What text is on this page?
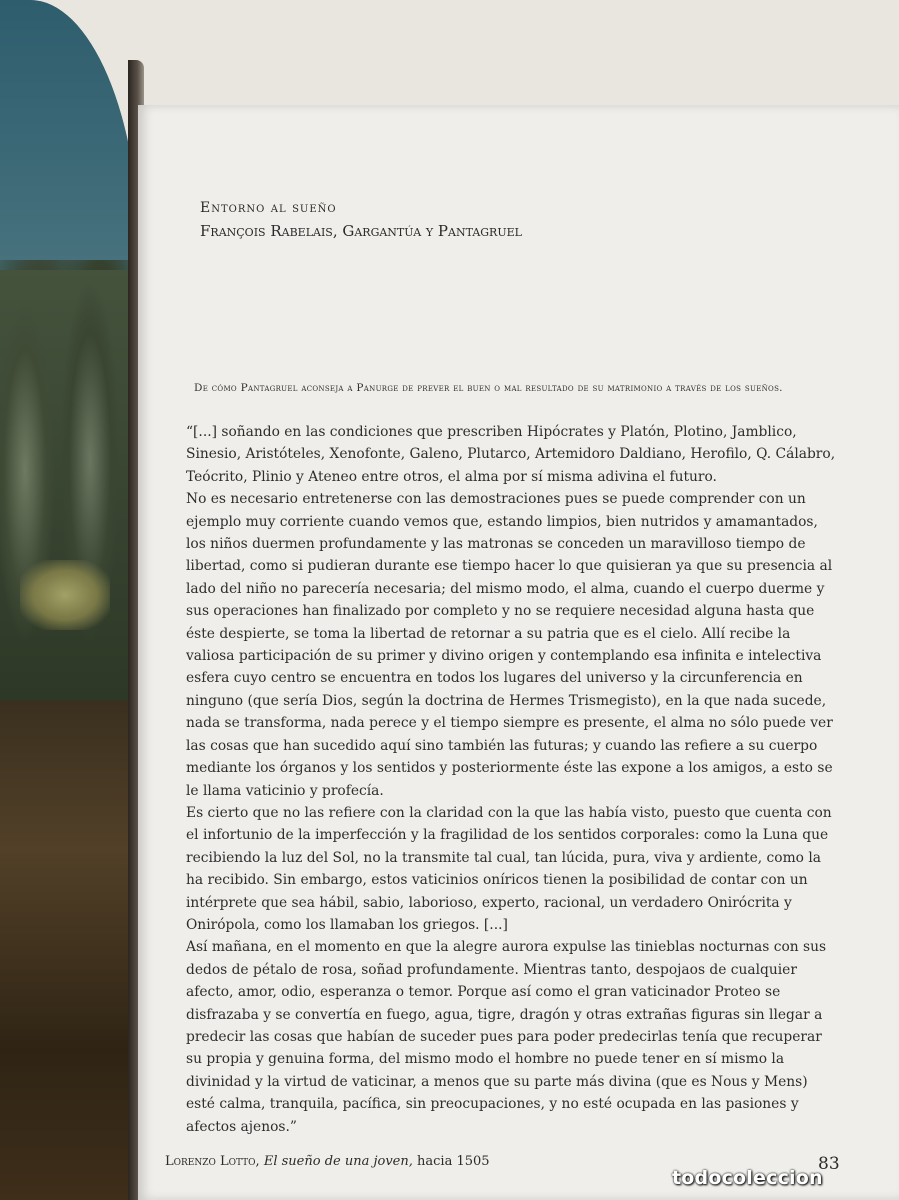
Entorno al sueño
François Rabelais, Gargantúa y Pantagruel
De cómo Pantagruel aconseja a Panurge de prever el buen o mal resultado de su matrimonio a través de los sueños.

“[...] soñando en las condiciones que prescriben Hipócrates y Platón, Plotino, Jamblico, Sinesio, Aristóteles, Xenofonte, Galeno, Plutarco, Artemidoro Daldiano, Herofilo, Q. Cálabro, Teócrito, Plinio y Ateneo entre otros, el alma por sí misma adivina el futuro.

No es necesario entretenerse con las demostraciones pues se puede comprender con un ejemplo muy corriente cuando vemos que, estando limpios, bien nutridos y amamantados, los niños duermen profundamente y las matronas se conceden un maravilloso tiempo de libertad, como si pudieran durante ese tiempo hacer lo que quisieran ya que su presencia al lado del niño no parecería necesaria; del mismo modo, el alma, cuando el cuerpo duerme y sus operaciones han finalizado por completo y no se requiere necesidad alguna hasta que éste despierte, se toma la libertad de retornar a su patria que es el cielo. Allí recibe la valiosa participación de su primer y divino origen y contemplando esa infinita e intelectiva esfera cuyo centro se encuentra en todos los lugares del universo y la circunferencia en ninguno (que sería Dios, según la doctrina de Hermes Trismegisto), en la que nada sucede, nada se transforma, nada perece y el tiempo siempre es presente, el alma no sólo puede ver las cosas que han sucedido aquí sino también las futuras; y cuando las refiere a su cuerpo mediante los órganos y los sentidos y posteriormente éste las expone a los amigos, a esto se le llama vaticinio y profecía.

Es cierto que no las refiere con la claridad con la que las había visto, puesto que cuenta con el infortunio de la imperfección y la fragilidad de los sentidos corporales: como la Luna que recibiendo la luz del Sol, no la transmite tal cual, tan lúcida, pura, viva y ardiente, como la ha recibido. Sin embargo, estos vaticinios oníricos tienen la posibilidad de contar con un intérprete que sea hábil, sabio, laborioso, experto, racional, un verdadero Onirócrita y Onirópola, como los llamaban los griegos. [...]

Así mañana, en el momento en que la alegre aurora expulse las tinieblas nocturnas con sus dedos de pétalo de rosa, soñad profundamente. Mientras tanto, despojaos de cualquier afecto, amor, odio, esperanza o temor. Porque así como el gran vaticinador Proteo se disfrazaba y se convertía en fuego, agua, tigre, dragón y otras extrañas figuras sin llegar a predecir las cosas que habían de suceder pues para poder predecirlas tenía que recuperar su propia y genuina forma, del mismo modo el hombre no puede tener en sí mismo la divinidad y la virtud de vaticinar, a menos que su parte más divina (que es Nous y Mens) esté calma, tranquila, pacífica, sin preocupaciones, y no esté ocupada en las pasiones y afectos ajenos.”

Lorenzo Lotto, El sueño de una joven, hacia 1505	83
todocoleccion
